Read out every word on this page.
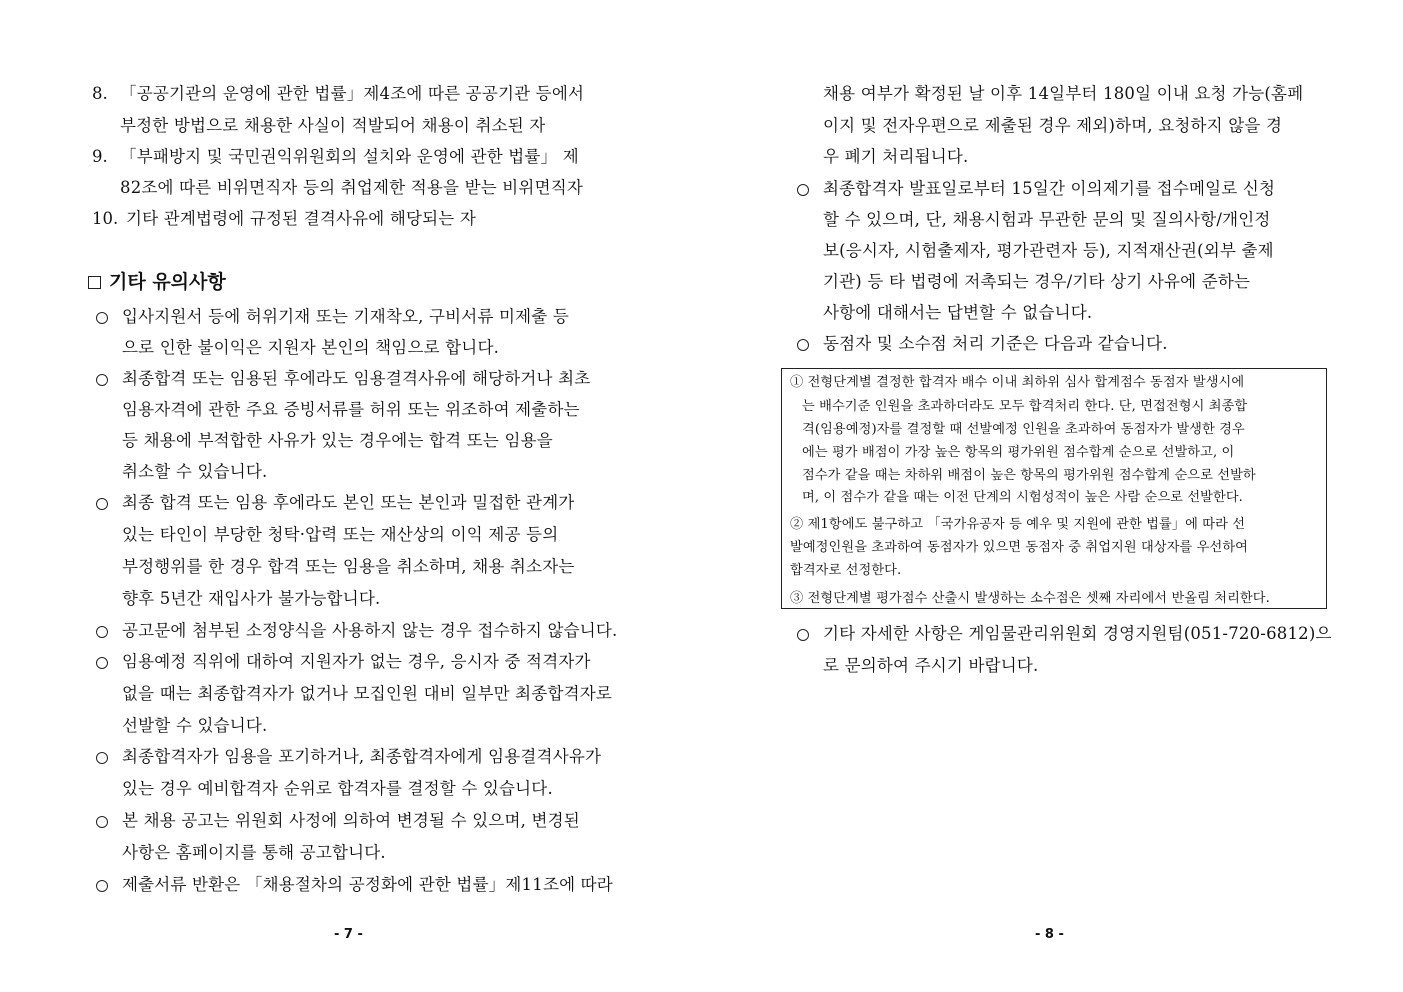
8. 「공공기관의 운영에 관한 법률」제4조에 따른 공공기관 등에서
부정한 방법으로 채용한 사실이 적발되어 채용이 취소된 자
9. 「부패방지 및 국민권익위원회의 설치와 운영에 관한 법률」 제
82조에 따른 비위면직자 등의 취업제한 적용을 받는 비위면직자
10. 기타 관계법령에 규정된 결격사유에 해당되는 자
기타 유의사항
입사지원서 등에 허위기재 또는 기재착오, 구비서류 미제출 등
으로 인한 불이익은 지원자 본인의 책임으로 합니다.
최종합격 또는 임용된 후에라도 임용결격사유에 해당하거나 최초
임용자격에 관한 주요 증빙서류를 허위 또는 위조하여 제출하는
등 채용에 부적합한 사유가 있는 경우에는 합격 또는 임용을
취소할 수 있습니다.
최종 합격 또는 임용 후에라도 본인 또는 본인과 밀접한 관계가
있는 타인이 부당한 청탁·압력 또는 재산상의 이익 제공 등의
부정행위를 한 경우 합격 또는 임용을 취소하며, 채용 취소자는
향후 5년간 재입사가 불가능합니다.
공고문에 첨부된 소정양식을 사용하지 않는 경우 접수하지 않습니다.
임용예정 직위에 대하여 지원자가 없는 경우, 응시자 중 적격자가
없을 때는 최종합격자가 없거나 모집인원 대비 일부만 최종합격자로
선발할 수 있습니다.
최종합격자가 임용을 포기하거나, 최종합격자에게 임용결격사유가
있는 경우 예비합격자 순위로 합격자를 결정할 수 있습니다.
본 채용 공고는 위원회 사정에 의하여 변경될 수 있으며, 변경된
사항은 홈페이지를 통해 공고합니다.
제출서류 반환은 「채용절차의 공정화에 관한 법률」제11조에 따라
- 7 -
채용 여부가 확정된 날 이후 14일부터 180일 이내 요청 가능(홈페
이지 및 전자우편으로 제출된 경우 제외)하며, 요청하지 않을 경
우 폐기 처리됩니다.
최종합격자 발표일로부터 15일간 이의제기를 접수메일로 신청
할 수 있으며, 단, 채용시험과 무관한 문의 및 질의사항/개인정
보(응시자, 시험출제자, 평가관련자 등), 지적재산권(외부 출제
기관) 등 타 법령에 저촉되는 경우/기타 상기 사유에 준하는
사항에 대해서는 답변할 수 없습니다.
동점자 및 소수점 처리 기준은 다음과 같습니다.
기타 자세한 사항은 게임물관리위원회 경영지원팀(051-720-6812)으
로 문의하여 주시기 바랍니다.
- 8 -
① 전형단계별 결정한 합격자 배수 이내 최하위 심사 합계점수 동점자 발생시에
는 배수기준 인원을 초과하더라도 모두 합격처리 한다. 단, 면접전형시 최종합
격(임용예정)자를 결정할 때 선발예정 인원을 초과하여 동점자가 발생한 경우
에는 평가 배점이 가장 높은 항목의 평가위원 점수합계 순으로 선발하고, 이
점수가 같을 때는 차하위 배점이 높은 항목의 평가위원 점수합계 순으로 선발하
며, 이 점수가 같을 때는 이전 단계의 시험성적이 높은 사람 순으로 선발한다.
② 제1항에도 불구하고 「국가유공자 등 예우 및 지원에 관한 법률」에 따라 선
발예정인원을 초과하여 동점자가 있으면 동점자 중 취업지원 대상자를 우선하여
합격자로 선정한다.
③ 전형단계별 평가점수 산출시 발생하는 소수점은 셋째 자리에서 반올림 처리한다.
